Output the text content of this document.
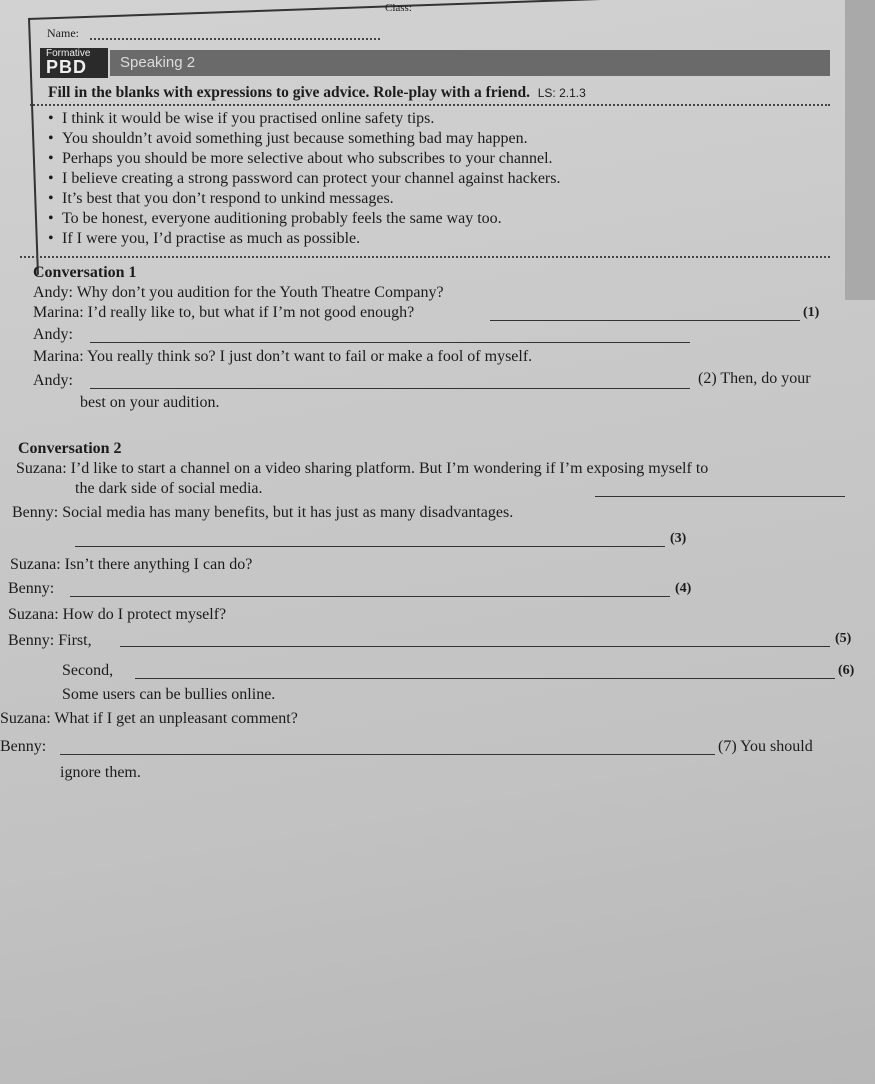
Class:
Name:
Formative
PBD Speaking 2
Fill in the blanks with expressions to give advice. Role-play with a friend. LS: 2.1.3
• I think it would be wise if you practised online safety tips.
• You shouldn’t avoid something just because something bad may happen.
• Perhaps you should be more selective about who subscribes to your channel.
• I believe creating a strong password can protect your channel against hackers.
• It’s best that you don’t respond to unkind messages.
• To be honest, everyone auditioning probably feels the same way too.
• If I were you, I’d practise as much as possible.
Conversation 1
Andy: Why don’t you audition for the Youth Theatre Company?
Marina: I’d really like to, but what if I’m not good enough?	(1)
Andy:
Marina: You really think so? I just don’t want to fail or make a fool of myself.
(2) Then, do your
Andy:
best on your audition.
Conversation 2
Suzana: I’d like to start a channel on a video sharing platform. But I’m wondering if I’m exposing myself to
the dark side of social media.
Benny: Social media has many benefits, but it has just as many disadvantages.
(3)
Suzana: Isn’t there anything I can do?
(4)
Benny:
Suzana: How do I protect myself?
(5)
Benny: First,
(6)
Second,
Some users can be bullies online.
Suzana: What if I get an unpleasant comment?
Benny:	(7) You should
ignore them.
